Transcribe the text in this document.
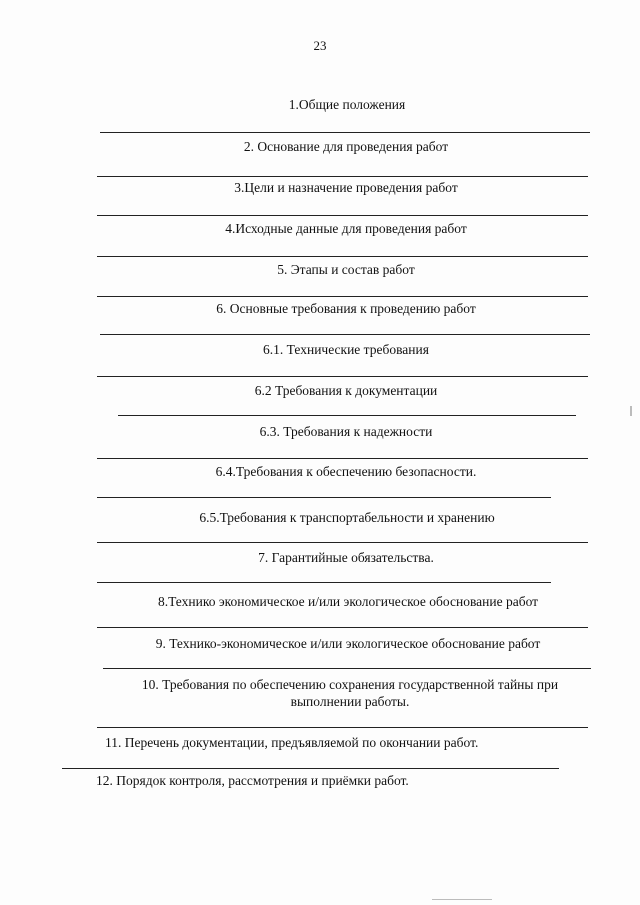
23
1.Общие положения
2. Основание для проведения работ
3.Цели и назначение проведения работ
4.Исходные данные для проведения работ
5. Этапы и состав работ
6. Основные требования к проведению работ
6.1. Технические требования
6.2 Требования к документации
6.3. Требования к надежности
6.4.Требования к обеспечению безопасности.
6.5.Требования к транспортабельности и хранению
7. Гарантийные обязательства.
8.Технико экономическое и/или экологическое обоснование работ
9. Технико-экономическое и/или экологическое обоснование работ
10. Требования по обеспечению сохранения государственной тайны при выполнении работы.
11. Перечень документации, предъявляемой по окончании работ.
12. Порядок контроля, рассмотрения и приёмки работ.
